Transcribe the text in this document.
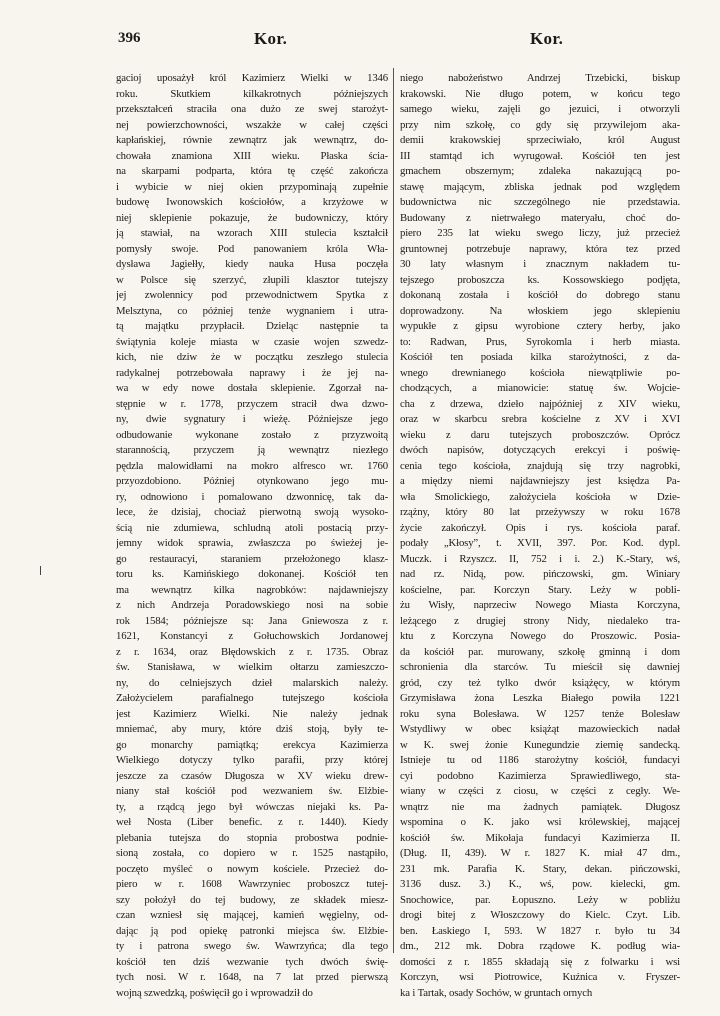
396	Kor.	Kor.
gacioj uposażył król Kazimierz Wielki w 1346
roku. Skutkiem kilkakrotnych późniejszych
przekształceń straciła ona dużo ze swej starożyt-
nej powierzchowności, wszakże w całej części
kapłańskiej, równie zewnątrz jak wewnątrz, do-
chowała znamiona XIII wieku. Płaska ścia-
na skarpami podparta, która tę część zakończa
i wybicie w niej okien przypominają zupełnie
budowę Iwonowskich kościołów, a krzyżowe w
niej sklepienie pokazuje, że budowniczy, który
ją stawiał, na wzorach XIII stulecia kształcił
pomysły swoje. Pod panowaniem króla Wła-
dysława Jagiełły, kiedy nauka Husa poczęła
w Polsce się szerzyć, złupili klasztor tutejszy
jej zwolennicy pod przewodnictwem Spytka z
Melsztyna, co później tenże wygnaniem i utra-
tą majątku przypłacił. Dzieląc następnie ta
świątynia koleje miasta w czasie wojen szwedz-
kich, nie dziw że w początku zeszłego stulecia
radykalnej potrzebowała naprawy i że jej na-
wa w edy nowe dostała sklepienie. Zgorzał na-
stępnie w r. 1778, przyczem stracił dwa dzwo-
ny, dwie sygnatury i wieżę. Późniejsze jego
odbudowanie wykonane zostało z przyzwoitą
starannością, przyczem ją wewnątrz niezłego
pędzla malowidłami na mokro alfresco wr. 1760
przyozdobiono. Później otynkowano jego mu-
ry, odnowiono i pomalowano dzwonnicę, tak da-
lece, że dzisiaj, chociaż pierwotną swoją wysoko-
ścią nie zdumiewa, schludną atoli postacią przy-
jemny widok sprawia, zwłaszcza po świeżej je-
go restauracyi, staraniem przełożonego klasz-
toru ks. Kamińskiego dokonanej. Kościół ten
ma wewnątrz kilka nagrobków: najdawniejszy
z nich Andrzeja Poradowskiego nosi na sobie
rok 1584; późniejsze są: Jana Gniewosza z r.
1621, Konstancyi z Gołuchowskich Jordanowej
z r. 1634, oraz Błędowskich z r. 1735. Obraz
św. Stanisława, w wielkim ołtarzu zamieszczo-
ny, do celniejszych dzieł malarskich należy.
Założycielem parafialnego tutejszego kościoła
jest Kazimierz Wielki. Nie należy jednak
mniemać, aby mury, które dziś stoją, były te-
go monarchy pamiątką; erekcya Kazimierza
Wielkiego dotyczy tylko parafii, przy której
jeszcze za czasów Długosza w XV wieku drew-
niany stał kościół pod wezwaniem św. Elżbie-
ty, a rządcą jego był wówczas niejaki ks. Pa-
weł Nosta (Liber benefic. z r. 1440). Kiedy
plebania tutejsza do stopnia probostwa podnie-
sioną została, co dopiero w r. 1525 nastąpiło,
poczęto myśleć o nowym kościele. Przecież do-
piero w r. 1608 Wawrzyniec proboszcz tutej-
szy położył do tej budowy, ze składek miesz-
czan wzniesł się mającej, kamień węgielny, od-
dając ją pod opiekę patronki miejsca św. Elżbie-
ty i patrona swego św. Wawrzyńca; dla tego
kościół ten dziś wezwanie tych dwóch świę-
tych nosi. W r. 1648, na 7 lat przed pierwszą
wojną szwedzką, poświęcił go i wprowadził do
niego nabożeństwo Andrzej Trzebicki, biskup
krakowski. Nie długo potem, w końcu tego
samego wieku, zajęli go jezuici, i otworzyli
przy nim szkołę, co gdy się przywilejom aka-
demii krakowskiej sprzeciwiało, król August
III stamtąd ich wyrugował. Kościół ten jest
gmachem obszernym; zdaleka nakazującą po-
stawę mającym, zbliska jednak pod względem
budownictwa nic szczególnego nie przedstawia.
Budowany z nietrwałego materyału, choć do-
piero 235 lat wieku swego liczy, już przecież
gruntownej potrzebuje naprawy, która tez przed
30 laty własnym i znacznym nakładem tu-
tejszego proboszcza ks. Kossowskiego podjęta,
dokonaną została i kościół do dobrego stanu
doprowadzony. Na włoskiem jego sklepieniu
wypukłe z gipsu wyrobione cztery herby, jako
to: Radwan, Prus, Syrokomla i herb miasta.
Kościół ten posiada kilka starożytności, z da-
wnego drewnianego kościoła niewątpliwie po-
chodzących, a mianowicie: statuę św. Wojcie-
cha z drzewa, dzieło najpóźniej z XIV wieku,
oraz w skarbcu srebra kościelne z XV i XVI
wieku z daru tutejszych proboszczów. Oprócz
dwóch napisów, dotyczących erekcyi i poświę-
cenia tego kościoła, znajdują się trzy nagrobki,
a między niemi najdawniejszy jest księdza Pa-
wła Smolickiego, założyciela kościoła w Dzie-
rzążny, który 80 lat przeżywszy w roku 1678
życie zakończył. Opis i rys. kościoła paraf.
podały „Kłosy”, t. XVII, 397. Por. Kod. dypl.
Muczk. i Rzyszcz. II, 752 i i. 2.) K.-Stary, wś,
nad rz. Nidą, pow. pińczowski, gm. Winiary
kościelne, par. Korczyn Stary. Leży w pobli-
żu Wisły, naprzeciw Nowego Miasta Korczyna,
leżącego z drugiej strony Nidy, niedaleko tra-
ktu z Korczyna Nowego do Proszowic. Posia-
da kościół par. murowany, szkołę gminną i dom
schronienia dla starców. Tu mieścił się dawniej
gród, czy też tylko dwór książęcy, w którym
Grzymisława żona Leszka Białego powiła 1221
roku syna Bolesława. W 1257 tenże Bolesław
Wstydliwy w obec książąt mazowieckich nadał
w K. swej żonie Kunegundzie ziemię sandecką.
Istnieje tu od 1186 starożytny kościół, fundacyi
cyi podobno Kazimierza Sprawiedliwego, sta-
wiany w części z ciosu, w części z cegły. We-
wnątrz nie ma żadnych pamiątek. Długosz
wspomina o K. jako wsi królewskiej, mającej
kościół św. Mikołaja fundacyi Kazimierza II.
(Dług. II, 439). W r. 1827 K. miał 47 dm.,
231 mk. Parafia K. Stary, dekan. pińczowski,
3136 dusz. 3.) K., wś, pow. kielecki, gm.
Snochowice, par. Łopuszno. Leży w pobliżu
drogi bitej z Włoszczowy do Kielc. Czyt. Lib.
ben. Łaskiego I, 593. W 1827 r. było tu 34
dm., 212 mk. Dobra rządowe K. podług wia-
domości z r. 1855 składają się z folwarku i wsi
Korczyn, wsi Piotrowice, Kuźnica v. Fryszer-
ka i Tartak, osady Sochów, w gruntach ornych
